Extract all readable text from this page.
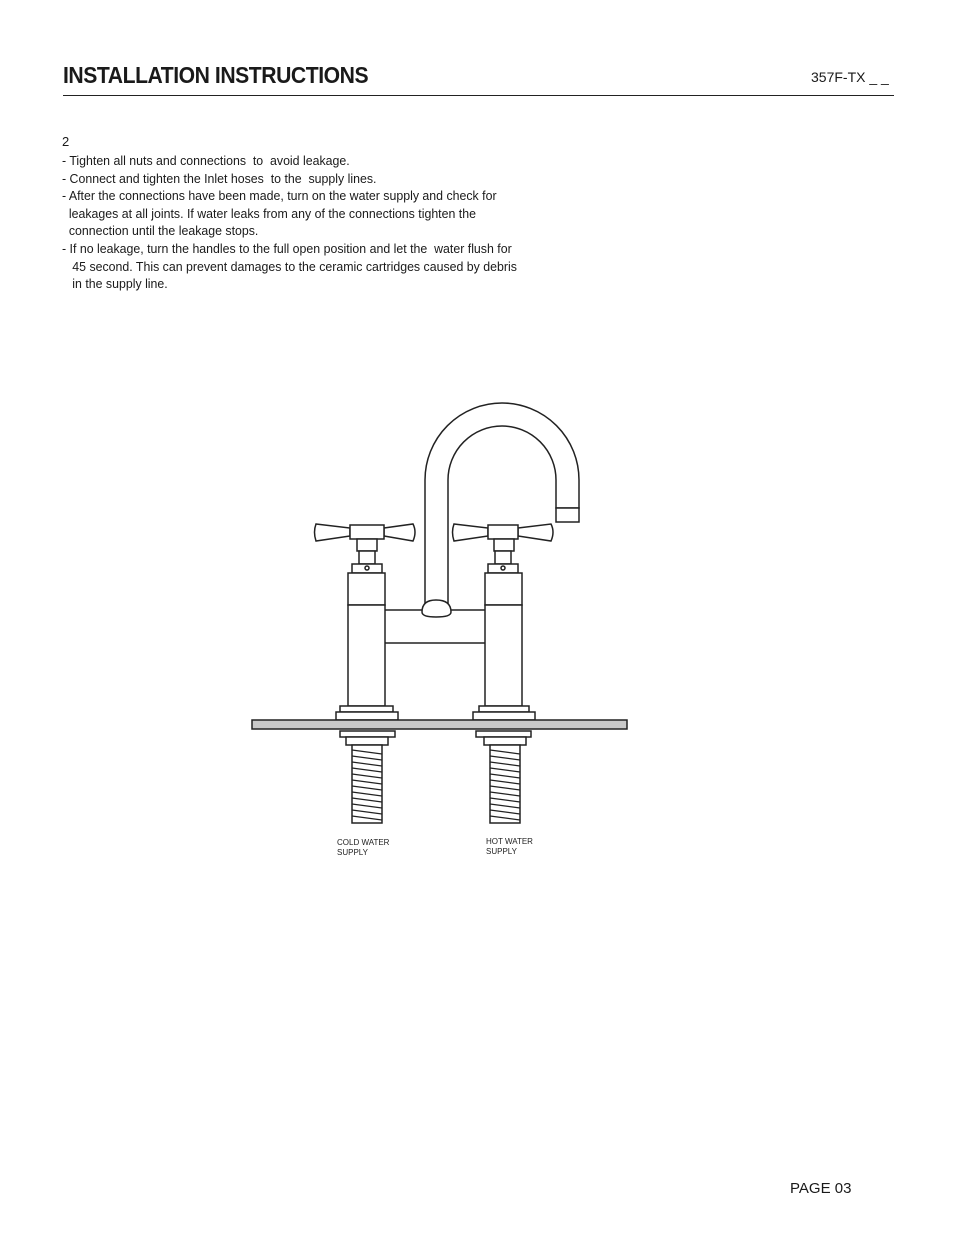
INSTALLATION INSTRUCTIONS	357F-TX _ _
2
- Tighten all nuts and connections  to  avoid leakage.
- Connect and tighten the Inlet hoses  to the  supply lines.
- After the connections have been made, turn on the water supply and check for
leakages at all joints. If water leaks from any of the connections tighten the
connection until the leakage stops.
- If no leakage, turn the handles to the full open position and let the  water flush for
45 second. This can prevent damages to the ceramic cartridges caused by debris
in the supply line.
COLD WATER
SUPPLY
HOT WATER
SUPPLY
PAGE 03
